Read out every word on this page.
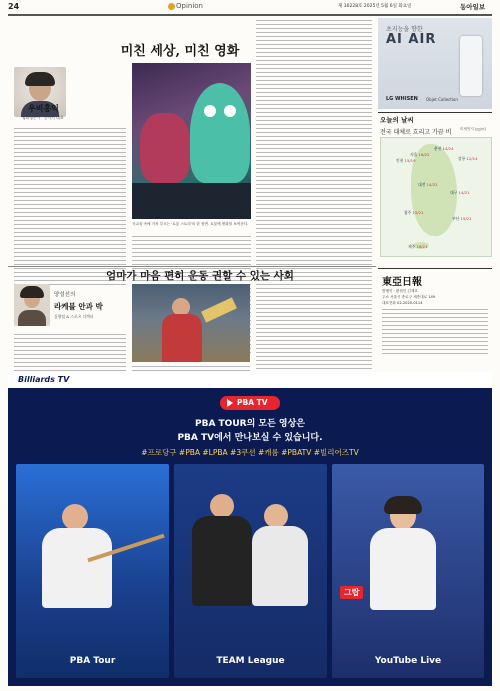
24	Opinion	제 30228호 2025년 5월 6일 화요일	동아일보
미친 세상, 미친 영화
우비홍익
영화평론가 · 동아시 대표
사교육 속에 기차 부르는 '로봇 스토리'의 한 장면. 로봇에 변화를 보여준다.
초지능을 향한
AI AIR
LG WHISEN Objet Collection
오늘의 날씨
전국 대체로 흐리고 가끔 비 미세먼지 (㎍/㎥)
서울 16/22
인천 15/19
춘천 14/24
강릉 12/14
대전 14/22
대구 14/21
광주 15/21
부산 15/21
제주 16/21
東亞日報
발행인 · 편집인 김재호
주소 서울시 종로구 세종대로 149
대표전화 02-2020-0114
엄마가 마음 편히 운동 권할 수 있는 사회
양설선의
라케블 안과 박
실행팀 & 스포츠 디렉터
Billiards TV
PBA TV
PBA TOUR의 모든 영상은
PBA TV에서 만나보실 수 있습니다.
#프로당구 #PBA #LPBA #3쿠션 #캐롬 #PBATV #빌리어즈TV
PBA Tour	TEAM League
그랍
YouTube Live
